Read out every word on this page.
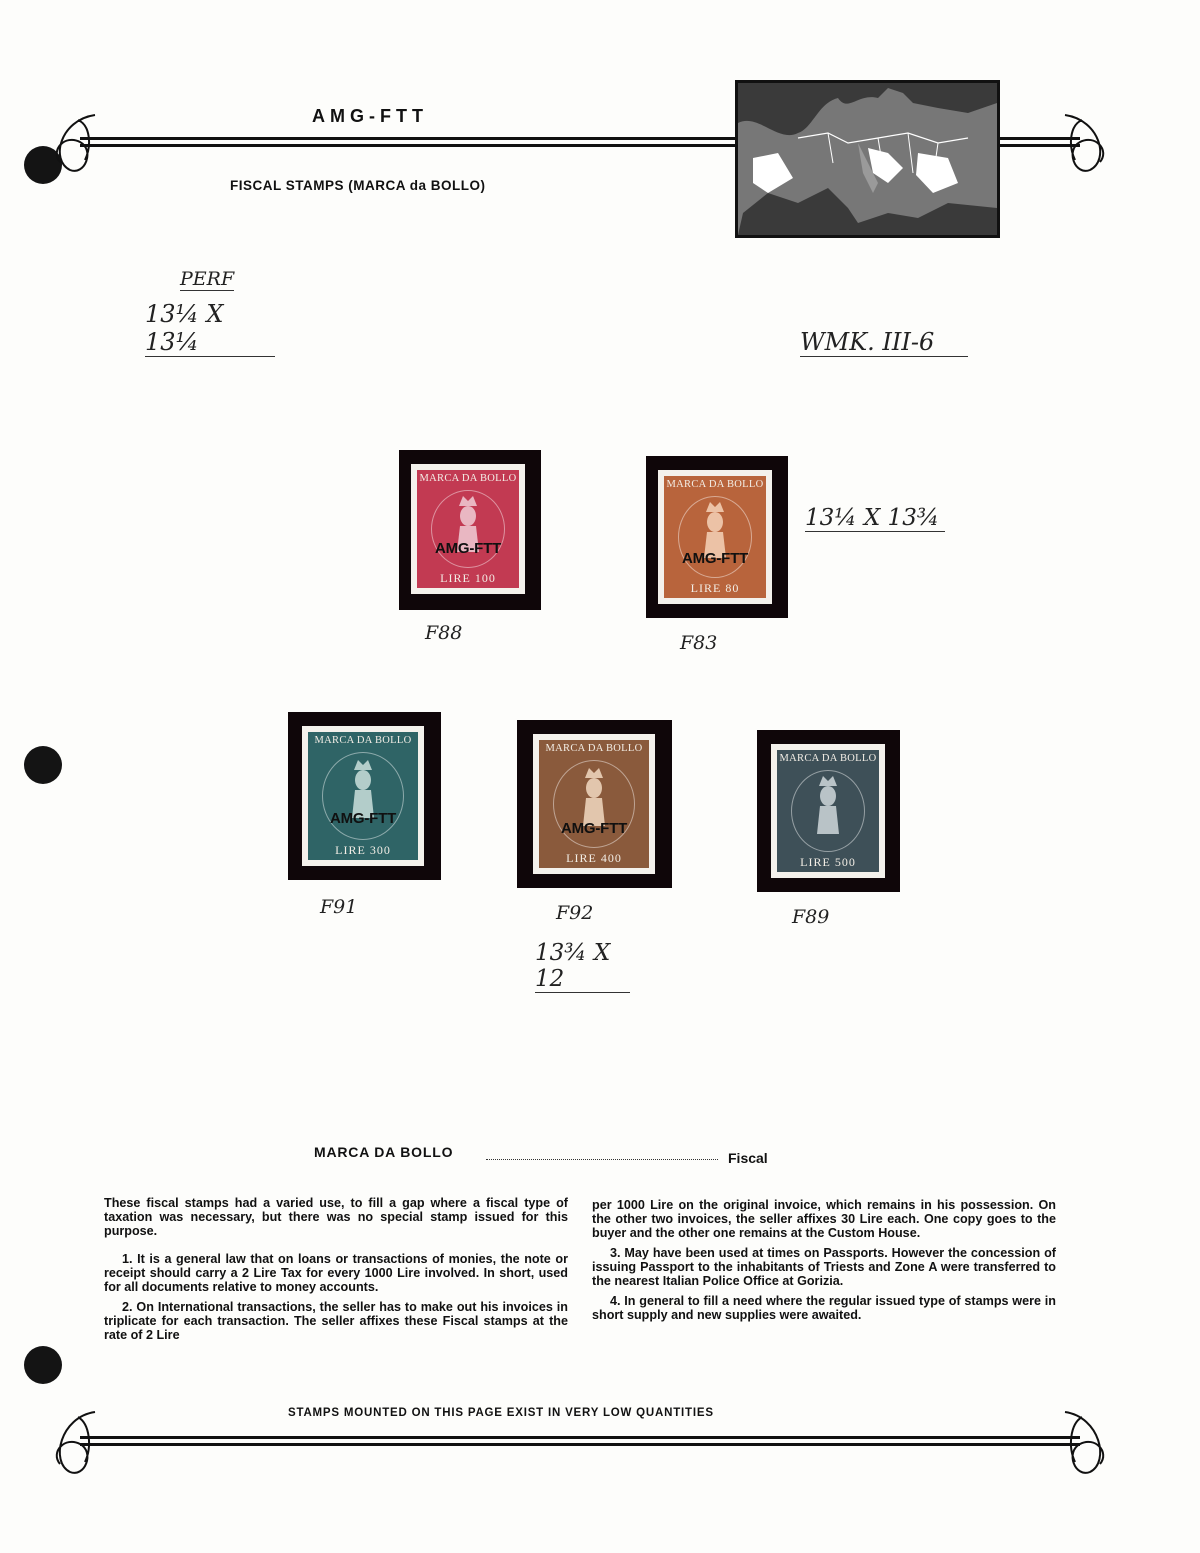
AMG-FTT
FISCAL STAMPS (MARCA da BOLLO)
PERF
13¼ X 13¼	WMK. III-6
13¼ X 13¾
13¾ X 12
MARCA DA BOLLO
AMG-FTT
LIRE 100
F88
MARCA DA BOLLO
AMG-FTT
LIRE 80
F83
MARCA DA BOLLO
AMG-FTT
LIRE 300
F91
MARCA DA BOLLO
AMG-FTT
LIRE 400
F92
MARCA DA BOLLO
LIRE 500
F89
MARCA DA BOLLO	Fiscal

These fiscal stamps had a varied use, to fill a gap where a fiscal type of taxation was necessary, but there was no special stamp issued for this purpose.

1. It is a general law that on loans or transactions of monies, the note or receipt should carry a 2 Lire Tax for every 1000 Lire involved. In short, used for all documents relative to money accounts.

2. On International transactions, the seller has to make out his invoices in triplicate for each transaction. The seller affixes these Fiscal stamps at the rate of 2 Lire

per 1000 Lire on the original invoice, which remains in his possession. On the other two invoices, the seller affixes 30 Lire each. One copy goes to the buyer and the other one remains at the Custom House.

3. May have been used at times on Passports. However the concession of issuing Passport to the inhabitants of Triests and Zone A were transferred to the nearest Italian Police Office at Gorizia.

4. In general to fill a need where the regular issued type of stamps were in short supply and new supplies were awaited.

STAMPS MOUNTED ON THIS PAGE EXIST IN VERY LOW QUANTITIES
